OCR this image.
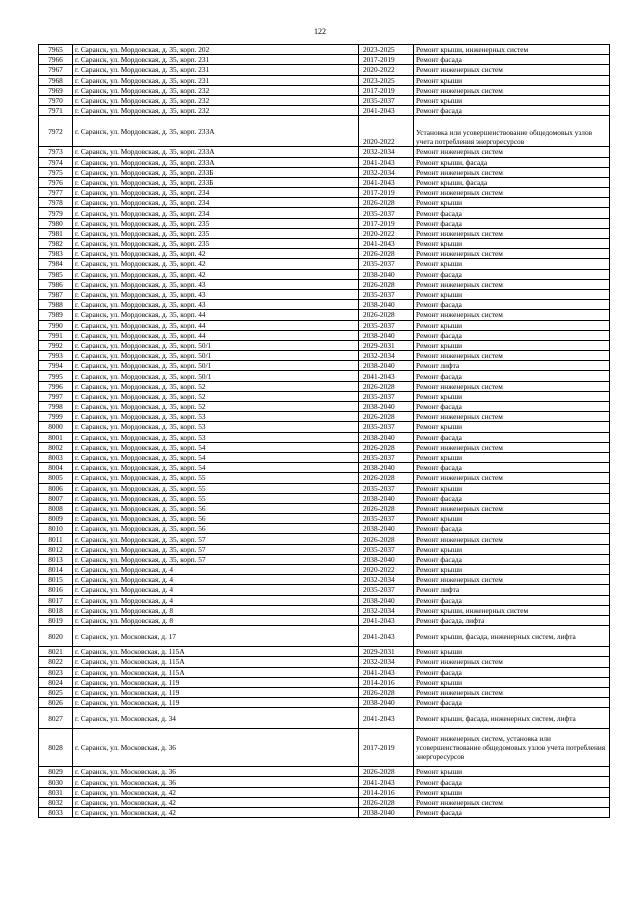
122
7965	г. Саранск, ул. Мордовская, д. 35, корп. 202	2023-2025	Ремонт крыши, инженерных систем
7966	г. Саранск, ул. Мордовская, д. 35, корп. 231	2017-2019	Ремонт фасада
7967	г. Саранск, ул. Мордовская, д. 35, корп. 231	2020-2022	Ремонт инженерных систем
7968	г. Саранск, ул. Мордовская, д. 35, корп. 231	2023-2025	Ремонт крыши
7969	г. Саранск, ул. Мордовская, д. 35, корп. 232	2017-2019	Ремонт инженерных систем
7970	г. Саранск, ул. Мордовская, д. 35, корп. 232	2035-2037	Ремонт крыши
7971	г. Саранск, ул. Мордовская, д. 35, корп. 232	2041-2043	Ремонт фасада
7972	г. Саранск, ул. Мордовская, д. 35, корп. 233А	2020-2022	Установка или усовершенствование общедомовых узлов учета потребления энергоресурсов
7973	г. Саранск, ул. Мордовская, д. 35, корп. 233А	2032-2034	Ремонт инженерных систем
7974	г. Саранск, ул. Мордовская, д. 35, корп. 233А	2041-2043	Ремонт крыши, фасада
7975	г. Саранск, ул. Мордовская, д. 35, корп. 233Б	2032-2034	Ремонт инженерных систем
7976	г. Саранск, ул. Мордовская, д. 35, корп. 233Б	2041-2043	Ремонт крыши, фасада
7977	г. Саранск, ул. Мордовская, д. 35, корп. 234	2017-2019	Ремонт инженерных систем
7978	г. Саранск, ул. Мордовская, д. 35, корп. 234	2026-2028	Ремонт крыши
7979	г. Саранск, ул. Мордовская, д. 35, корп. 234	2035-2037	Ремонт фасада
7980	г. Саранск, ул. Мордовская, д. 35, корп. 235	2017-2019	Ремонт фасада
7981	г. Саранск, ул. Мордовская, д. 35, корп. 235	2020-2022	Ремонт инженерных систем
7982	г. Саранск, ул. Мордовская, д. 35, корп. 235	2041-2043	Ремонт крыши
7983	г. Саранск, ул. Мордовская, д. 35, корп. 42	2026-2028	Ремонт инженерных систем
7984	г. Саранск, ул. Мордовская, д. 35, корп. 42	2035-2037	Ремонт крыши
7985	г. Саранск, ул. Мордовская, д. 35, корп. 42	2038-2040	Ремонт фасада
7986	г. Саранск, ул. Мордовская, д. 35, корп. 43	2026-2028	Ремонт инженерных систем
7987	г. Саранск, ул. Мордовская, д. 35, корп. 43	2035-2037	Ремонт крыши
7988	г. Саранск, ул. Мордовская, д. 35, корп. 43	2038-2040	Ремонт фасада
7989	г. Саранск, ул. Мордовская, д. 35, корп. 44	2026-2028	Ремонт инженерных систем
7990	г. Саранск, ул. Мордовская, д. 35, корп. 44	2035-2037	Ремонт крыши
7991	г. Саранск, ул. Мордовская, д. 35, корп. 44	2038-2040	Ремонт фасада
7992	г. Саранск, ул. Мордовская, д. 35, корп. 50/1	2029-2031	Ремонт крыши
7993	г. Саранск, ул. Мордовская, д. 35, корп. 50/1	2032-2034	Ремонт инженерных систем
7994	г. Саранск, ул. Мордовская, д. 35, корп. 50/1	2038-2040	Ремонт лифта
7995	г. Саранск, ул. Мордовская, д. 35, корп. 50/1	2041-2043	Ремонт фасада
7996	г. Саранск, ул. Мордовская, д. 35, корп. 52	2026-2028	Ремонт инженерных систем
7997	г. Саранск, ул. Мордовская, д. 35, корп. 52	2035-2037	Ремонт крыши
7998	г. Саранск, ул. Мордовская, д. 35, корп. 52	2038-2040	Ремонт фасада
7999	г. Саранск, ул. Мордовская, д. 35, корп. 53	2026-2028	Ремонт инженерных систем
8000	г. Саранск, ул. Мордовская, д. 35, корп. 53	2035-2037	Ремонт крыши
8001	г. Саранск, ул. Мордовская, д. 35, корп. 53	2038-2040	Ремонт фасада
8002	г. Саранск, ул. Мордовская, д. 35, корп. 54	2026-2028	Ремонт инженерных систем
8003	г. Саранск, ул. Мордовская, д. 35, корп. 54	2035-2037	Ремонт крыши
8004	г. Саранск, ул. Мордовская, д. 35, корп. 54	2038-2040	Ремонт фасада
8005	г. Саранск, ул. Мордовская, д. 35, корп. 55	2026-2028	Ремонт инженерных систем
8006	г. Саранск, ул. Мордовская, д. 35, корп. 55	2035-2037	Ремонт крыши
8007	г. Саранск, ул. Мордовская, д. 35, корп. 55	2038-2040	Ремонт фасада
8008	г. Саранск, ул. Мордовская, д. 35, корп. 56	2026-2028	Ремонт инженерных систем
8009	г. Саранск, ул. Мордовская, д. 35, корп. 56	2035-2037	Ремонт крыши
8010	г. Саранск, ул. Мордовская, д. 35, корп. 56	2038-2040	Ремонт фасада
8011	г. Саранск, ул. Мордовская, д. 35, корп. 57	2026-2028	Ремонт инженерных систем
8012	г. Саранск, ул. Мордовская, д. 35, корп. 57	2035-2037	Ремонт крыши
8013	г. Саранск, ул. Мордовская, д. 35, корп. 57	2038-2040	Ремонт фасада
8014	г. Саранск, ул. Мордовская, д. 4	2020-2022	Ремонт крыши
8015	г. Саранск, ул. Мордовская, д. 4	2032-2034	Ремонт инженерных систем
8016	г. Саранск, ул. Мордовская, д. 4	2035-2037	Ремонт лифта
8017	г. Саранск, ул. Мордовская, д. 4	2038-2040	Ремонт фасада
8018	г. Саранск, ул. Мордовская, д. 8	2032-2034	Ремонт крыши, инженерных систем
8019	г. Саранск, ул. Мордовская, д. 8	2041-2043	Ремонт фасада, лифта
8020	г. Саранск, ул. Московская, д. 17	2041-2043	Ремонт крыши, фасада, инженерных систем, лифта
8021	г. Саранск, ул. Московская, д. 115А	2029-2031	Ремонт крыши
8022	г. Саранск, ул. Московская, д. 115А	2032-2034	Ремонт инженерных систем
8023	г. Саранск, ул. Московская, д. 115А	2041-2043	Ремонт фасада
8024	г. Саранск, ул. Московская, д. 119	2014-2016	Ремонт крыши
8025	г. Саранск, ул. Московская, д. 119	2026-2028	Ремонт инженерных систем
8026	г. Саранск, ул. Московская, д. 119	2038-2040	Ремонт фасада
8027	г. Саранск, ул. Московская, д. 34	2041-2043	Ремонт крыши, фасада, инженерных систем, лифта
8028	г. Саранск, ул. Московская, д. 36	2017-2019	Ремонт инженерных систем, установка или усовершенствование общедомовых узлов учета потребления энергоресурсов
8029	г. Саранск, ул. Московская, д. 36	2026-2028	Ремонт крыши
8030	г. Саранск, ул. Московская, д. 36	2041-2043	Ремонт фасада
8031	г. Саранск, ул. Московская, д. 42	2014-2016	Ремонт крыши
8032	г. Саранск, ул. Московская, д. 42	2026-2028	Ремонт инженерных систем
8033	г. Саранск, ул. Московская, д. 42	2038-2040	Ремонт фасада
